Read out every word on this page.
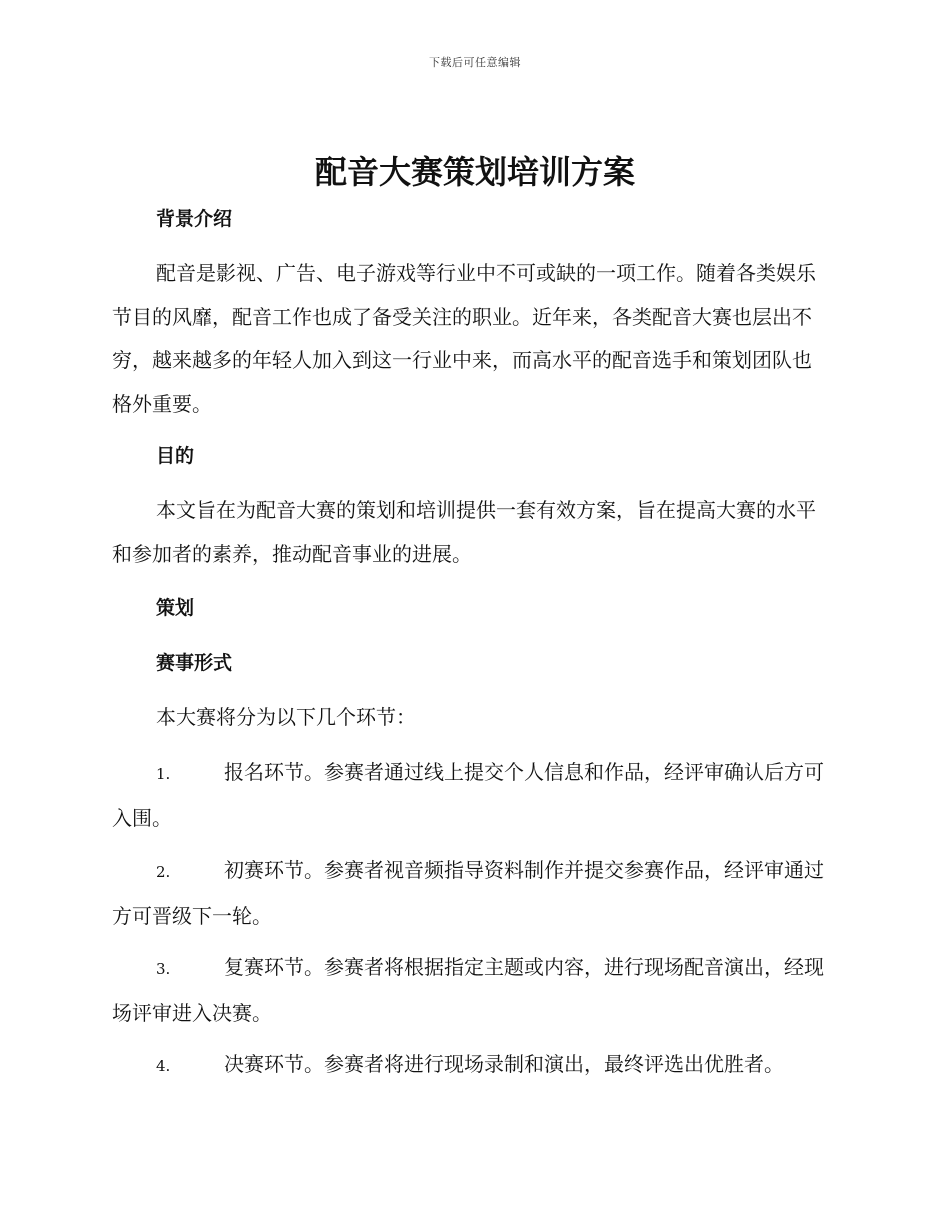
下载后可任意编辑
配音大赛策划培训方案
背景介绍

配音是影视、广告、电子游戏等行业中不可或缺的一项工作。随着各类娱乐节目的风靡，配音工作也成了备受关注的职业。近年来，各类配音大赛也层出不穷，越来越多的年轻人加入到这一行业中来，而高水平的配音选手和策划团队也格外重要。

目的

本文旨在为配音大赛的策划和培训提供一套有效方案，旨在提高大赛的水平和参加者的素养，推动配音事业的进展。

策划
赛事形式

本大赛将分为以下几个环节：

1.	报名环节。参赛者通过线上提交个人信息和作品，经评审确认后方可入围。

2.	初赛环节。参赛者视音频指导资料制作并提交参赛作品，经评审通过方可晋级下一轮。

3.	复赛环节。参赛者将根据指定主题或内容，进行现场配音演出，经现场评审进入决赛。

4.	决赛环节。参赛者将进行现场录制和演出，最终评选出优胜者。
